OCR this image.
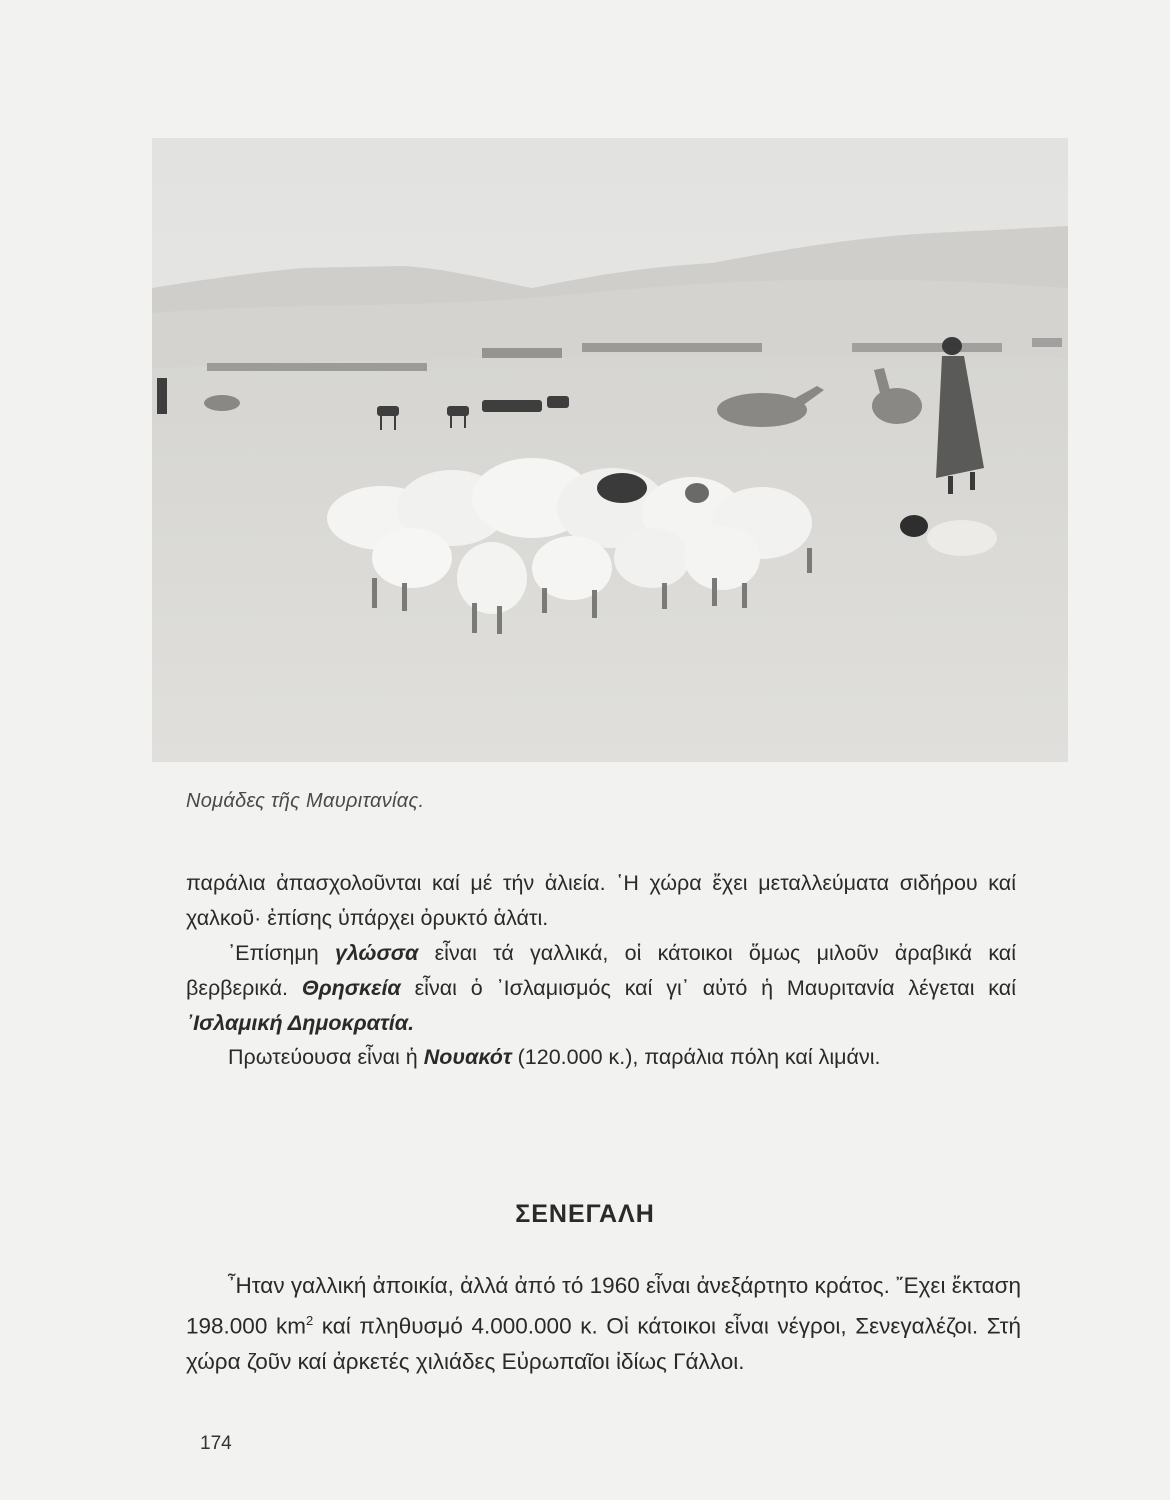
Νομάδες τῆς Μαυριτανίας.

παράλια ἀπασχολοῦνται καί μέ τήν ἁλιεία. ῾Η χώρα ἔχει μεταλλεύματα σιδήρου καί χαλκοῦ· ἐπίσης ὑπάρχει ὀρυκτό ἁλάτι.

᾿Επίσημη γλώσσα εἶναι τά γαλλικά, οἱ κάτοικοι ὅμως μιλοῦν ἀραβικά καί βερβερικά. Θρησκεία εἶναι ὁ ᾿Ισλαμισμός καί γι᾿ αὐτό ἡ Μαυριτανία λέγεται καί ᾿Ισλαμική Δημοκρατία.

Πρωτεύουσα εἶναι ἡ Νουακότ (120.000 κ.), παράλια πόλη καί λιμάνι.

ΣΕΝΕΓΑΛΗ

῏Ηταν γαλλική ἀποικία, ἀλλά ἀπό τό 1960 εἶναι ἀνεξάρτητο κράτος. ῎Εχει ἔκταση 198.000 $km^2$ καί πληθυσμό 4.000.000 κ. Οἱ κάτοικοι εἶναι νέγροι, Σενεγαλέζοι. Στή χώρα ζοῦν καί ἀρκετές χιλιάδες Εὐρωπαῖοι ἰδίως Γάλλοι.

174
